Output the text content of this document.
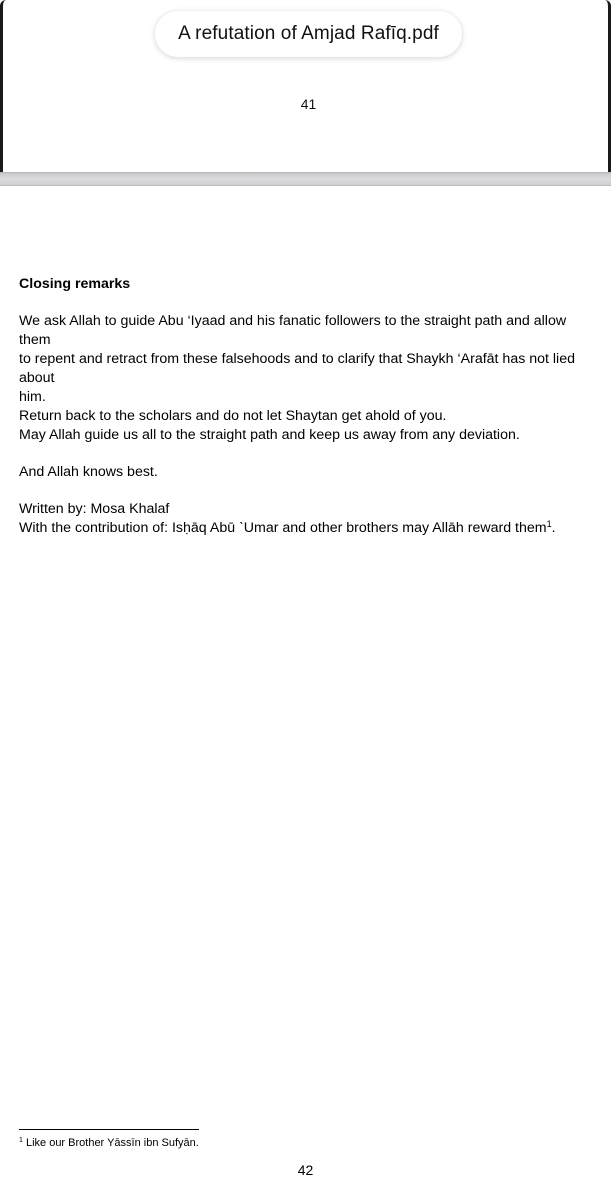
A refutation of Amjad Rafīq.pdf
41
Closing remarks
We ask Allah to guide Abu ‘Iyaad and his fanatic followers to the straight path and allow them
to repent and retract from these falsehoods and to clarify that Shaykh ‘Arafāt has not lied about
him.
Return back to the scholars and do not let Shaytan get ahold of you.
May Allah guide us all to the straight path and keep us away from any deviation.
And Allah knows best.
Written by: Mosa Khalaf
With the contribution of: Isḥāq Abū ˋUmar and other brothers may Allāh reward them$^1$.
$^1$ Like our Brother Yāssīn ibn Sufyān.
42
